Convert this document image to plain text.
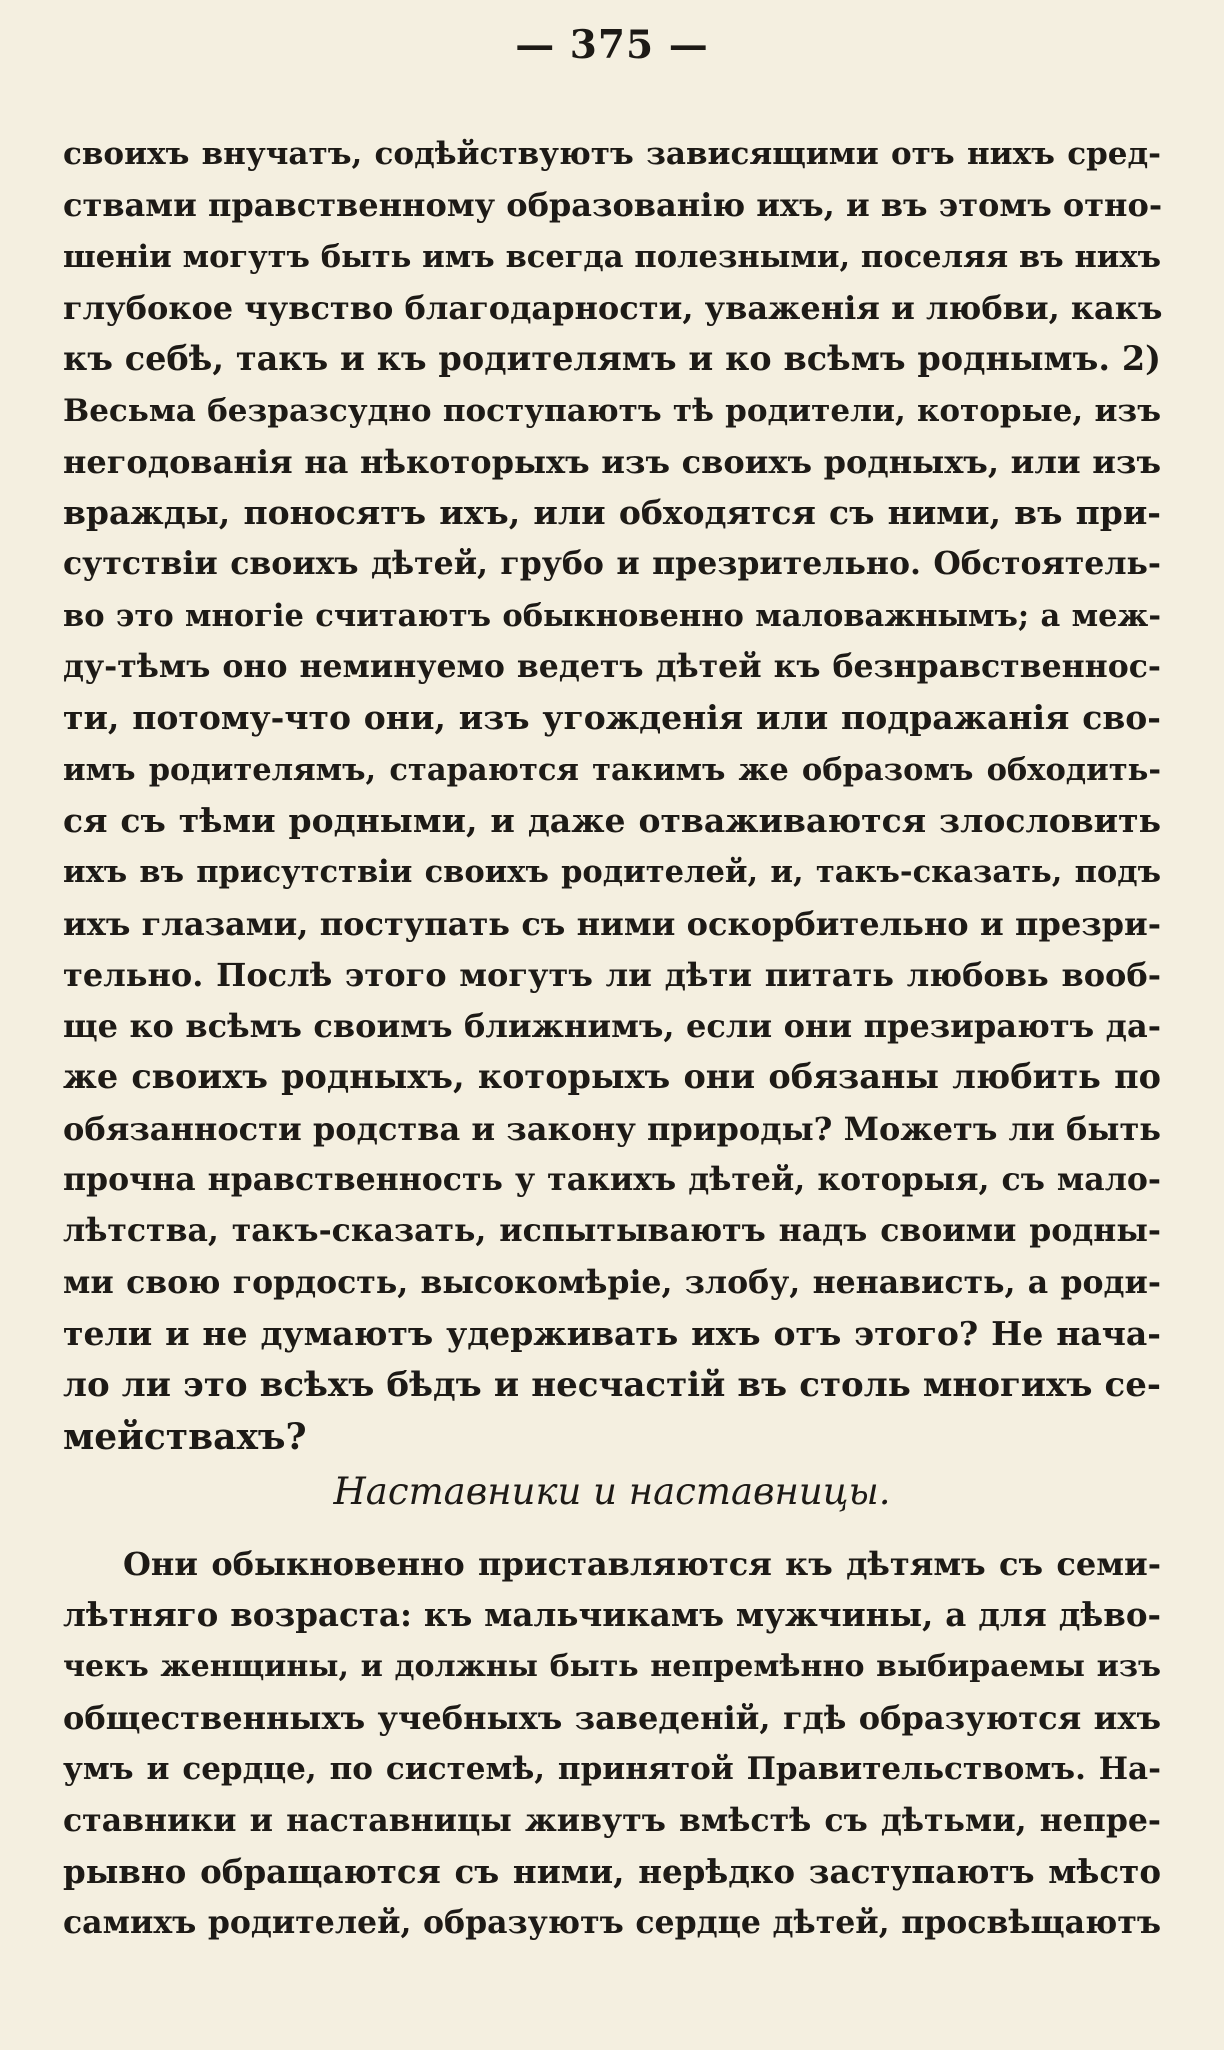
— 375 —
своихъ внучатъ, содѣйствуютъ зависящими отъ нихъ сред-
ствами правственному образованію ихъ, и въ этомъ отно-
шеніи могутъ быть имъ всегда полезными, поселяя въ нихъ
глубокое чувство благодарности, уваженія и любви, какъ
къ себѣ, такъ и къ родителямъ и ко всѣмъ роднымъ. 2)
Весьма безразсудно поступаютъ тѣ родители, которые, изъ
негодованія на нѣкоторыхъ изъ своихъ родныхъ, или изъ
вражды, поносятъ ихъ, или обходятся съ ними, въ при-
сутствіи своихъ дѣтей, грубо и презрительно. Обстоятель-
во это многіе считаютъ обыкновенно маловажнымъ; а меж-
ду-тѣмъ оно неминуемо ведетъ дѣтей къ безнравственнос-
ти, потому-что они, изъ угожденія или подражанія сво-
имъ родителямъ, стараются такимъ же образомъ обходить-
ся съ тѣми родными, и даже отваживаются злословить
ихъ въ присутствіи своихъ родителей, и, такъ-сказать, подъ
ихъ глазами, поступать съ ними оскорбительно и презри-
тельно. Послѣ этого могутъ ли дѣти питать любовь вооб-
ще ко всѣмъ своимъ ближнимъ, если они презираютъ да-
же своихъ родныхъ, которыхъ они обязаны любить по
обязанности родства и закону природы? Можетъ ли быть
прочна нравственность у такихъ дѣтей, которыя, съ мало-
лѣтства, такъ-сказать, испытываютъ надъ своими родны-
ми свою гордость, высокомѣріе, злобу, ненависть, а роди-
тели и не думаютъ удерживать ихъ отъ этого? Не нача-
ло ли это всѣхъ бѣдъ и несчастій въ столь многихъ се-
мействахъ?
Наставники и наставницы.
Они обыкновенно приставляются къ дѣтямъ съ семи-
лѣтняго возраста: къ мальчикамъ мужчины, а для дѣво-
чекъ женщины, и должны быть непремѣнно выбираемы изъ
общественныхъ учебныхъ заведеній, гдѣ образуются ихъ
умъ и сердце, по системѣ, принятой Правительствомъ. На-
ставники и наставницы живутъ вмѣстѣ съ дѣтьми, непре-
рывно обращаются съ ними, нерѣдко заступаютъ мѣсто
самихъ родителей, образуютъ сердце дѣтей, просвѣщаютъ
